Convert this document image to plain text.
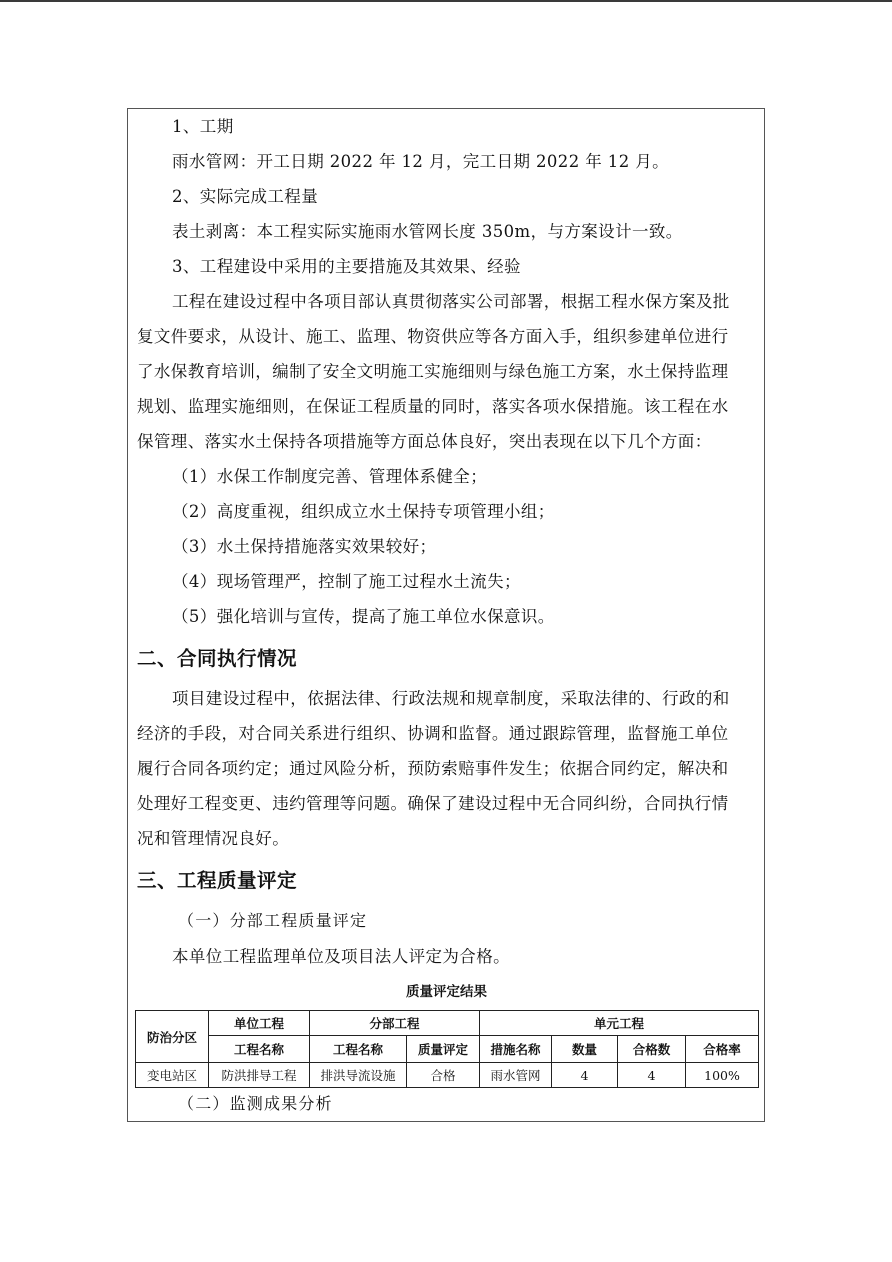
1、工期
雨水管网：开工日期 2022 年 12 月，完工日期 2022 年 12 月。
2、实际完成工程量
表土剥离：本工程实际实施雨水管网长度 350m，与方案设计一致。
3、工程建设中采用的主要措施及其效果、经验
工程在建设过程中各项目部认真贯彻落实公司部署，根据工程水保方案及批
复文件要求，从设计、施工、监理、物资供应等各方面入手，组织参建单位进行
了水保教育培训，编制了安全文明施工实施细则与绿色施工方案，水土保持监理
规划、监理实施细则，在保证工程质量的同时，落实各项水保措施。该工程在水
保管理、落实水土保持各项措施等方面总体良好，突出表现在以下几个方面：
（1）水保工作制度完善、管理体系健全；
（2）高度重视，组织成立水土保持专项管理小组；
（3）水土保持措施落实效果较好；
（4）现场管理严，控制了施工过程水土流失；
（5）强化培训与宣传，提高了施工单位水保意识。
二、合同执行情况
项目建设过程中，依据法律、行政法规和规章制度，采取法律的、行政的和
经济的手段，对合同关系进行组织、协调和监督。通过跟踪管理，监督施工单位
履行合同各项约定；通过风险分析，预防索赔事件发生；依据合同约定，解决和
处理好工程变更、违约管理等问题。确保了建设过程中无合同纠纷，合同执行情
况和管理情况良好。
三、工程质量评定
（一）分部工程质量评定
本单位工程监理单位及项目法人评定为合格。
质量评定结果
防治分区	单位工程	分部工程		单元工程			
	工程名称	工程名称	质量评定	措施名称	数量	合格数	合格率
变电站区	防洪排导工程	排洪导流设施	合格	雨水管网	4	4	100%
（二）监测成果分析
